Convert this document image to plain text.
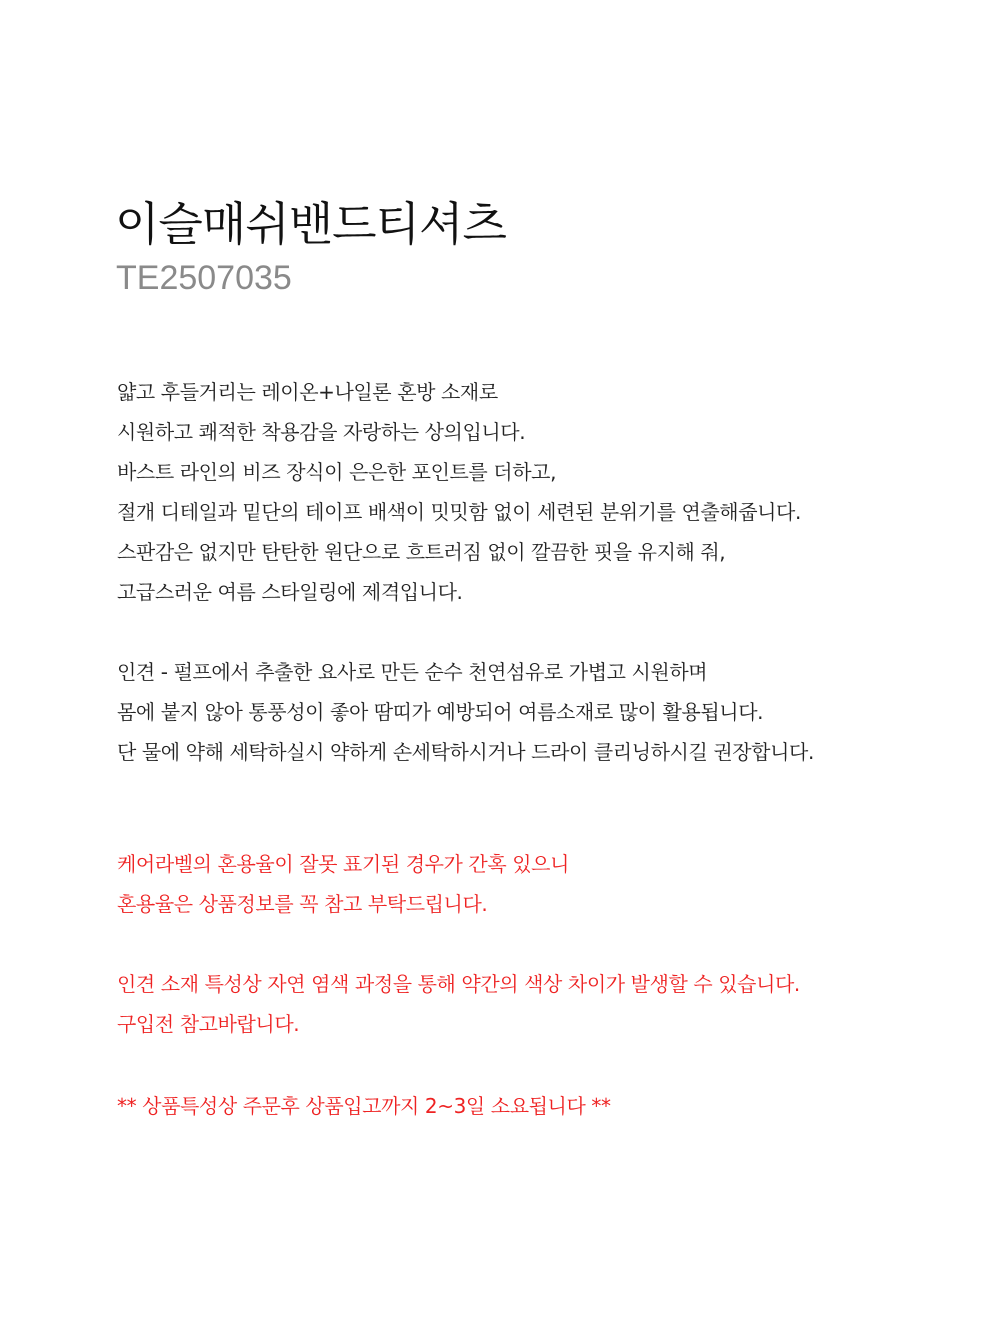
이슬매쉬밴드티셔츠
TE2507035
얇고 후들거리는 레이온+나일론 혼방 소재로
시원하고 쾌적한 착용감을 자랑하는 상의입니다.
바스트 라인의 비즈 장식이 은은한 포인트를 더하고,
절개 디테일과 밑단의 테이프 배색이 밋밋함 없이 세련된 분위기를 연출해줍니다.
스판감은 없지만 탄탄한 원단으로 흐트러짐 없이 깔끔한 핏을 유지해 줘,
고급스러운 여름 스타일링에 제격입니다.
인견 - 펄프에서 추출한 요사로 만든 순수 천연섬유로 가볍고 시원하며
몸에 붙지 않아 통풍성이 좋아 땀띠가 예방되어 여름소재로 많이 활용됩니다.
단 물에 약해 세탁하실시 약하게 손세탁하시거나 드라이 클리닝하시길 권장합니다.
케어라벨의 혼용율이 잘못 표기된 경우가 간혹 있으니
혼용율은 상품정보를 꼭 참고 부탁드립니다.
인견 소재 특성상 자연 염색 과정을 통해 약간의 색상 차이가 발생할 수 있습니다.
구입전 참고바랍니다.
** 상품특성상 주문후 상품입고까지 2~3일 소요됩니다 **
